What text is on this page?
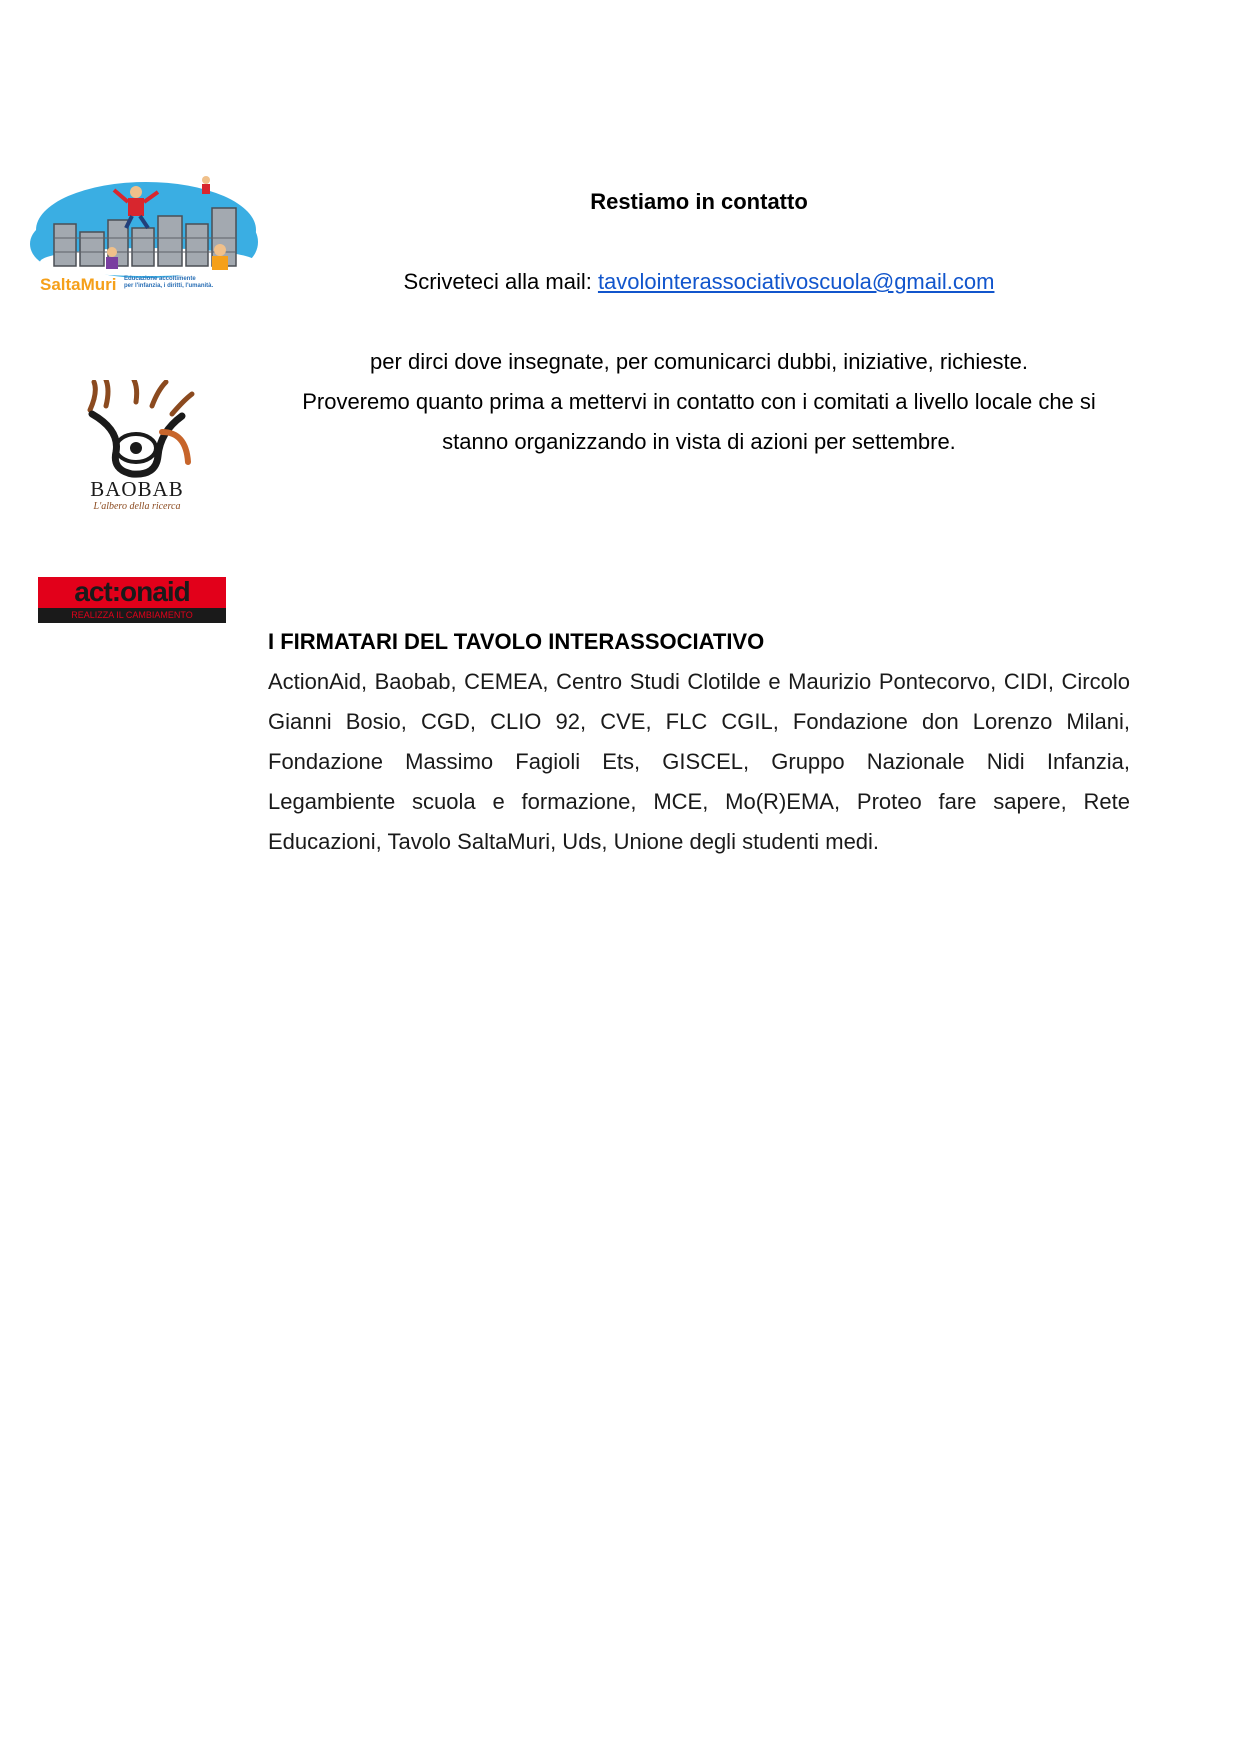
SaltaMuri Educazione accoltimente
per l'infanzia, i diritti, l'umanità.
BAOBAB
L'albero della ricerca
act:onaid
REALIZZA IL CAMBIAMENTO
Restiamo in contatto
Scriveteci alla mail: tavolointerassociativoscuola@gmail.com
per dirci dove insegnate, per comunicarci dubbi, iniziative, richieste.
Proveremo quanto prima a mettervi in contatto con i comitati a livello locale che si
stanno organizzando in vista di azioni per settembre.
I FIRMATARI DEL TAVOLO INTERASSOCIATIVO

ActionAid, Baobab, CEMEA, Centro Studi Clotilde e Maurizio Pontecorvo, CIDI, Circolo Gianni Bosio, CGD, CLIO 92, CVE, FLC CGIL, Fondazione don Lorenzo Milani, Fondazione Massimo Fagioli Ets, GISCEL, Gruppo Nazionale Nidi Infanzia, Legambiente scuola e formazione, MCE, Mo(R)EMA, Proteo fare sapere, Rete Educazioni, Tavolo SaltaMuri, Uds, Unione degli studenti medi.
